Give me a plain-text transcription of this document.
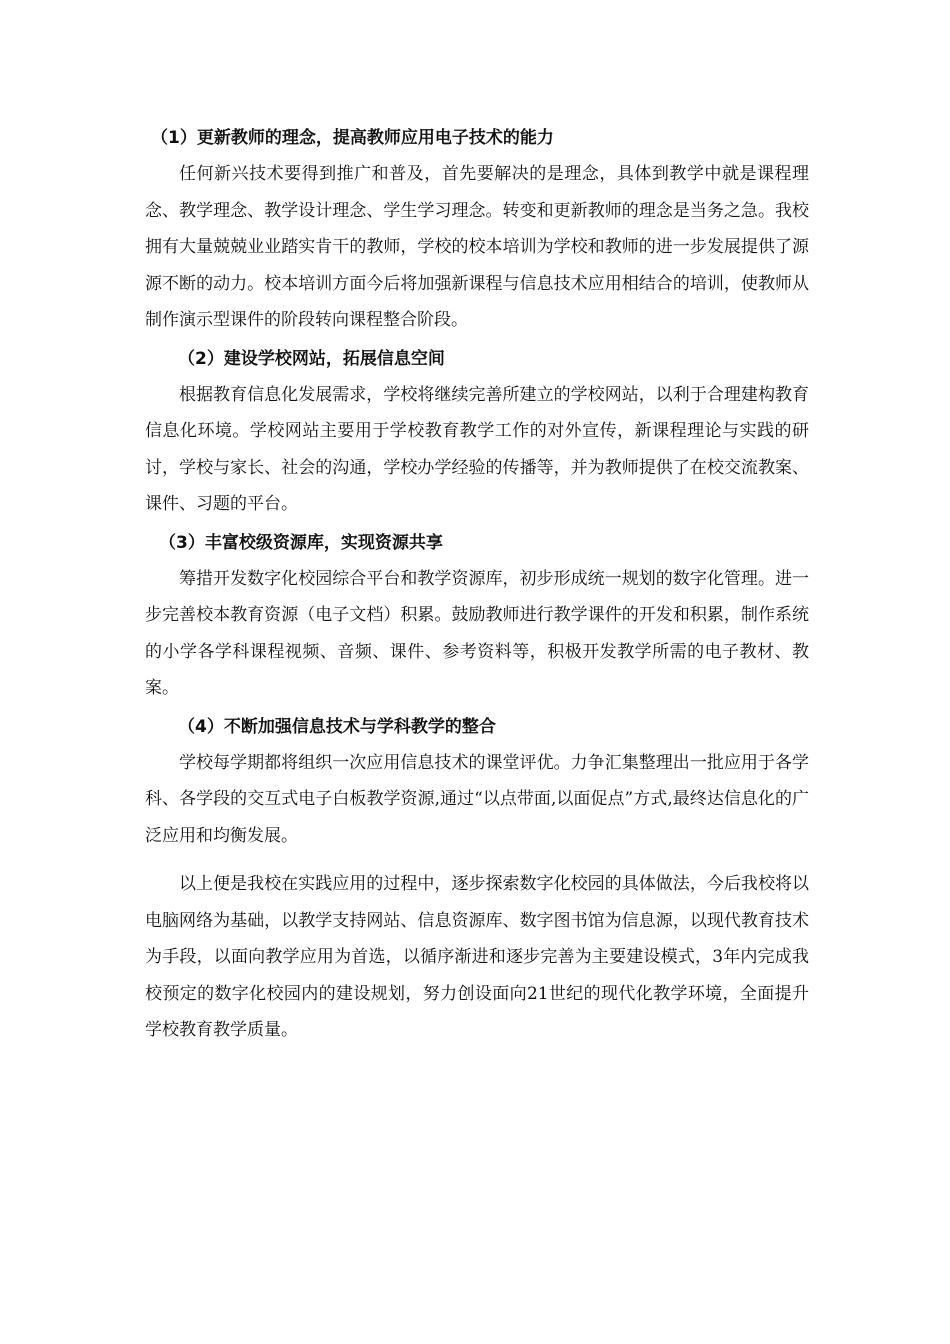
（1）更新教师的理念，提高教师应用电子技术的能力

任何新兴技术要得到推广和普及，首先要解决的是理念，具体到教学中就是课程理念、教学理念、教学设计理念、学生学习理念。转变和更新教师的理念是当务之急。我校拥有大量兢兢业业踏实肯干的教师，学校的校本培训为学校和教师的进一步发展提供了源源不断的动力。校本培训方面今后将加强新课程与信息技术应用相结合的培训，使教师从制作演示型课件的阶段转向课程整合阶段。

（2）建设学校网站，拓展信息空间

根据教育信息化发展需求，学校将继续完善所建立的学校网站，以利于合理建构教育信息化环境。学校网站主要用于学校教育教学工作的对外宣传，新课程理论与实践的研讨，学校与家长、社会的沟通，学校办学经验的传播等，并为教师提供了在校交流教案、课件、习题的平台。

（3）丰富校级资源库，实现资源共享

筹措开发数字化校园综合平台和教学资源库，初步形成统一规划的数字化管理。进一步完善校本教育资源（电子文档）积累。鼓励教师进行教学课件的开发和积累，制作系统的小学各学科课程视频、音频、课件、参考资料等，积极开发教学所需的电子教材、教案。

（4）不断加强信息技术与学科教学的整合

学校每学期都将组织一次应用信息技术的课堂评优。力争汇集整理出一批应用于各学科、各学段的交互式电子白板教学资源,通过“以点带面,以面促点”方式,最终达信息化的广泛应用和均衡发展。

以上便是我校在实践应用的过程中，逐步探索数字化校园的具体做法，今后我校将以电脑网络为基础，以教学支持网站、信息资源库、数字图书馆为信息源，以现代教育技术为手段，以面向教学应用为首选，以循序渐进和逐步完善为主要建设模式，3年内完成我校预定的数字化校园内的建设规划，努力创设面向21世纪的现代化教学环境，全面提升学校教育教学质量。
